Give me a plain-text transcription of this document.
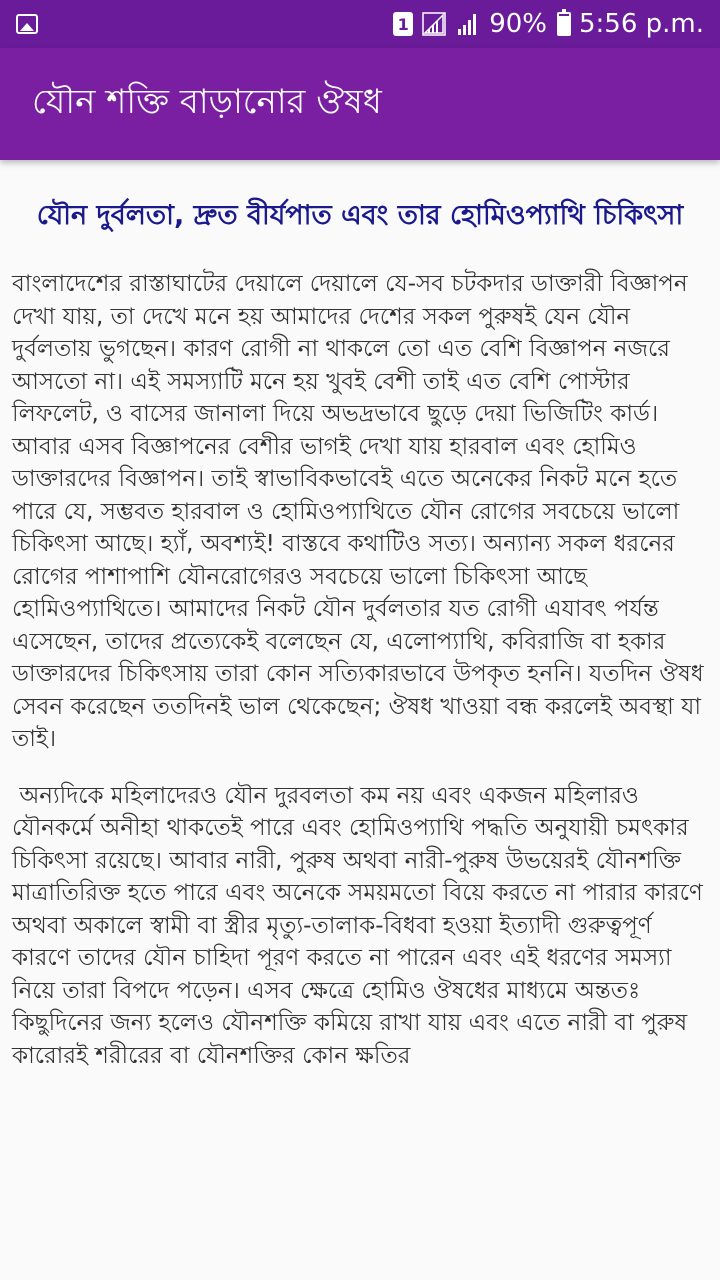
1	90% 5:56 p.m.
যৌন শক্তি বাড়ানোর ঔষধ
যৌন দুর্বলতা, দ্রুত বীর্যপাত এবং তার হোমিওপ্যাথি চিকিৎসা

বাংলাদেশের রাস্তাঘাটের দেয়ালে দেয়ালে যে-সব চটকদার ডাক্তারী বিজ্ঞাপন দেখা যায়, তা দেখে মনে হয় আমাদের দেশের সকল পুরুষই যেন যৌন দুর্বলতায় ভুগছেন। কারণ রোগী না থাকলে তো এত বেশি বিজ্ঞাপন নজরে আসতো না। এই সমস্যাটি মনে হয় খুবই বেশী তাই এত বেশি পোস্টার লিফলেট, ও বাসের জানালা দিয়ে অভদ্রভাবে ছুড়ে দেয়া ভিজিটিং কার্ড। আবার এসব বিজ্ঞাপনের বেশীর ভাগই দেখা যায় হারবাল এবং হোমিও ডাক্তারদের বিজ্ঞাপন। তাই স্বাভাবিকভাবেই এতে অনেকের নিকট মনে হতে পারে যে, সম্ভবত হারবাল ও হোমিওপ্যাথিতে যৌন রোগের সবচেয়ে ভালো চিকিৎসা আছে। হ্যাঁ, অবশ্যই! বাস্তবে কথাটিও সত্য। অন্যান্য সকল ধরনের রোগের পাশাপাশি যৌনরোগেরও সবচেয়ে ভালো চিকিৎসা আছে হোমিওপ্যাথিতে। আমাদের নিকট যৌন দুর্বলতার যত রোগী এযাবৎ পর্যন্ত এসেছেন, তাদের প্রত্যেকেই বলেছেন যে, এলোপ্যাথি, কবিরাজি বা হকার ডাক্তারদের চিকিৎসায় তারা কোন সত্যিকারভাবে উপকৃত হননি। যতদিন ঔষধ সেবন করেছেন ততদিনই ভাল থেকেছেন; ঔষধ খাওয়া বন্ধ করলেই অবস্থা যা তাই।

অন্যদিকে মহিলাদেরও যৌন দুরবলতা কম নয় এবং একজন মহিলারও যৌনকর্মে অনীহা থাকতেই পারে এবং হোমিওপ্যাথি পদ্ধতি অনুযায়ী চমৎকার চিকিৎসা রয়েছে। আবার নারী, পুরুষ অথবা নারী-পুরুষ উভয়েরই যৌনশক্তি মাত্রাতিরিক্ত হতে পারে এবং অনেকে সময়মতো বিয়ে করতে না পারার কারণে অথবা অকালে স্বামী বা স্ত্রীর মৃত্যু-তালাক-বিধবা হওয়া ইত্যাদী গুরুত্বপূর্ণ কারণে তাদের যৌন চাহিদা পূরণ করতে না পারেন এবং এই ধরণের সমস্যা নিয়ে তারা বিপদে পড়েন। এসব ক্ষেত্রে হোমিও ঔষধের মাধ্যমে অন্ততঃ কিছুদিনের জন্য হলেও যৌনশক্তি কমিয়ে রাখা যায় এবং এতে নারী বা পুরুষ কারোরই শরীরের বা যৌনশক্তির কোন ক্ষতির
